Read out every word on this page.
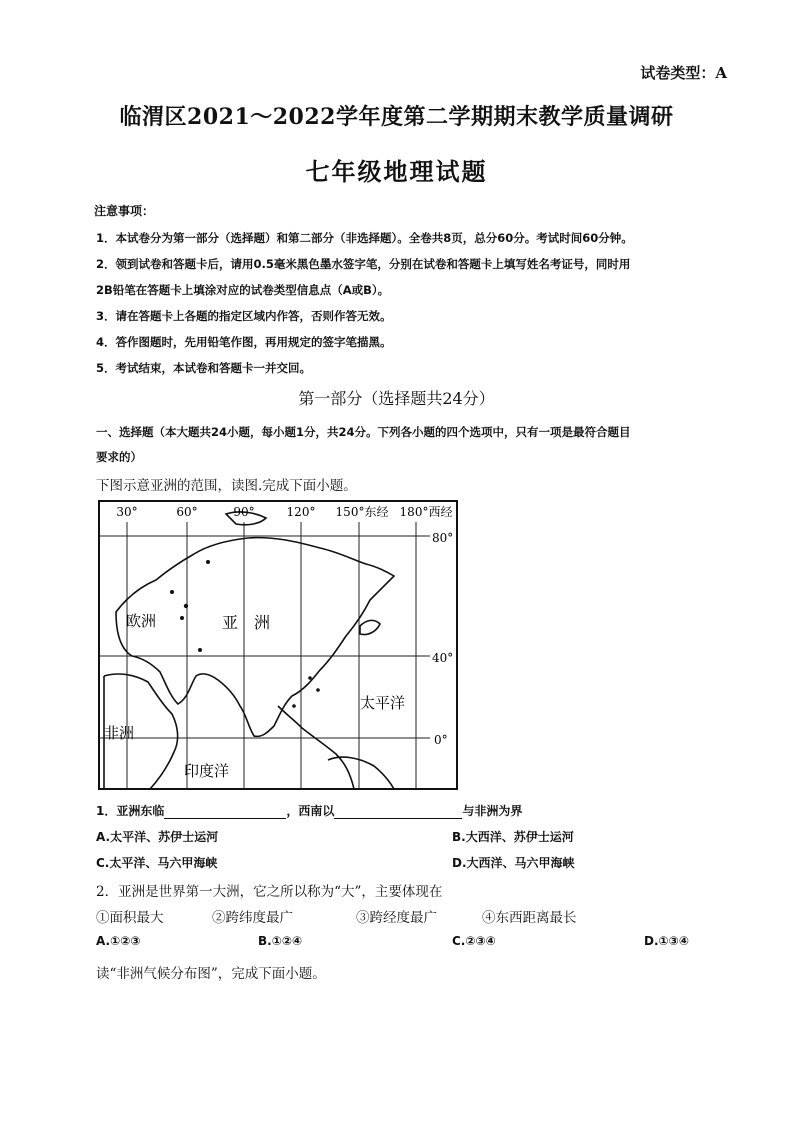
试卷类型：A
临渭区2021～2022学年度第二学期期末教学质量调研
七年级地理试题
注意事项：
1．本试卷分为第一部分（选择题）和第二部分（非选择题）。全卷共8页，总分60分。考试时间60分钟。
2．领到试卷和答题卡后，请用0.5毫米黑色墨水签字笔，分别在试卷和答题卡上填写姓名考证号，同时用
2B铅笔在答题卡上填涂对应的试卷类型信息点（A或B）。
3．请在答题卡上各题的指定区域内作答，否则作答无效。
4．答作图题时，先用铅笔作图，再用规定的签字笔描黑。
5．考试结束，本试卷和答题卡一并交回。
第一部分（选择题共24分）
一、选择题（本大题共24小题，每小题1分，共24分。下列各小题的四个选项中，只有一项是最符合题目
要求的）
下图示意亚洲的范围，读图.完成下面小题。
30°	60°	90°	120° 150°东经 180°西经
80°
40°
0°
欧洲	亚　洲
非洲
太平洋
印度洋
1．亚洲东临	，西南以	与非洲为界
A.太平洋、苏伊士运河	B.大西洋、苏伊士运河
C.太平洋、马六甲海峡	D.大西洋、马六甲海峡
2．亚洲是世界第一大洲，它之所以称为“大”，主要体现在
①面积最大	②跨纬度最广	③跨经度最广	④东西距离最长
A.①②③	B.①②④	C.②③④	D.①③④
读“非洲气候分布图”，完成下面小题。
